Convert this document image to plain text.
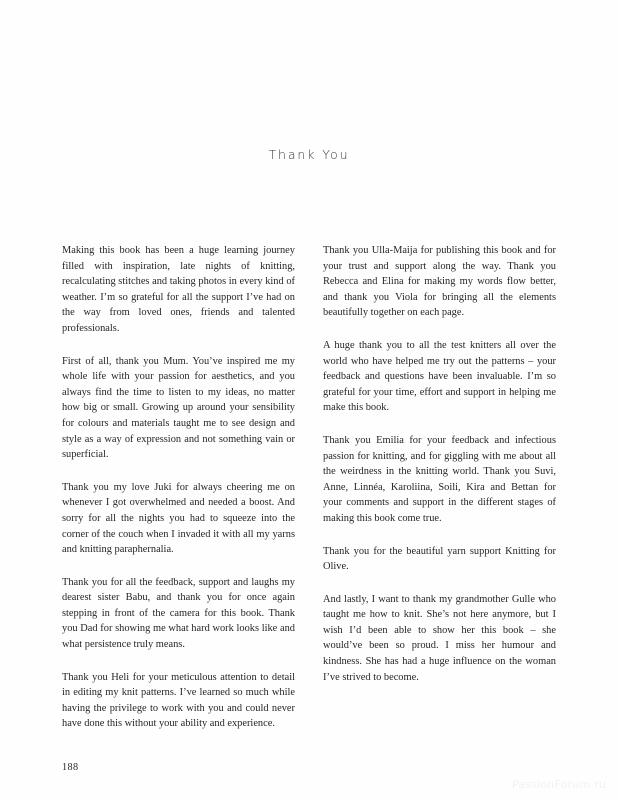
Thank You

Making this book has been a huge learning journey filled with inspiration, late nights of knitting, recalculating stitches and taking photos in every kind of weather. I’m so grateful for all the support I’ve had on the way from loved ones, friends and talented professionals.

First of all, thank you Mum. You’ve inspired me my whole life with your passion for aesthetics, and you always find the time to listen to my ideas, no matter how big or small. Growing up around your sensibility for colours and materials taught me to see design and style as a way of expression and not something vain or superficial.

Thank you my love Juki for always cheering me on whenever I got overwhelmed and needed a boost. And sorry for all the nights you had to squeeze into the corner of the couch when I invaded it with all my yarns and knitting paraphernalia.

Thank you for all the feedback, support and laughs my dearest sister Babu, and thank you for once again stepping in front of the camera for this book. Thank you Dad for showing me what hard work looks like and what persistence truly means.

Thank you Heli for your meticulous attention to detail in editing my knit patterns. I’ve learned so much while having the privilege to work with you and could never have done this without your ability and experience.

Thank you Ulla-Maija for publishing this book and for your trust and support along the way. Thank you Rebecca and Elina for making my words flow better, and thank you Viola for bringing all the elements beautifully together on each page.

A huge thank you to all the test knitters all over the world who have helped me try out the patterns – your feedback and questions have been invaluable. I’m so grateful for your time, effort and support in helping me make this book.

Thank you Emilia for your feedback and infectious passion for knitting, and for giggling with me about all the weirdness in the knitting world. Thank you Suvi, Anne, Linnéa, Karoliina, Soili, Kira and Bettan for your comments and support in the different stages of making this book come true.

Thank you for the beautiful yarn support Knitting for Olive.

And lastly, I want to thank my grandmother Gulle who taught me how to knit. She’s not here anymore, but I wish I’d been able to show her this book – she would’ve been so proud. I miss her humour and kindness. She has had a huge influence on the woman I’ve strived to become.

188
PassionForum.ru
